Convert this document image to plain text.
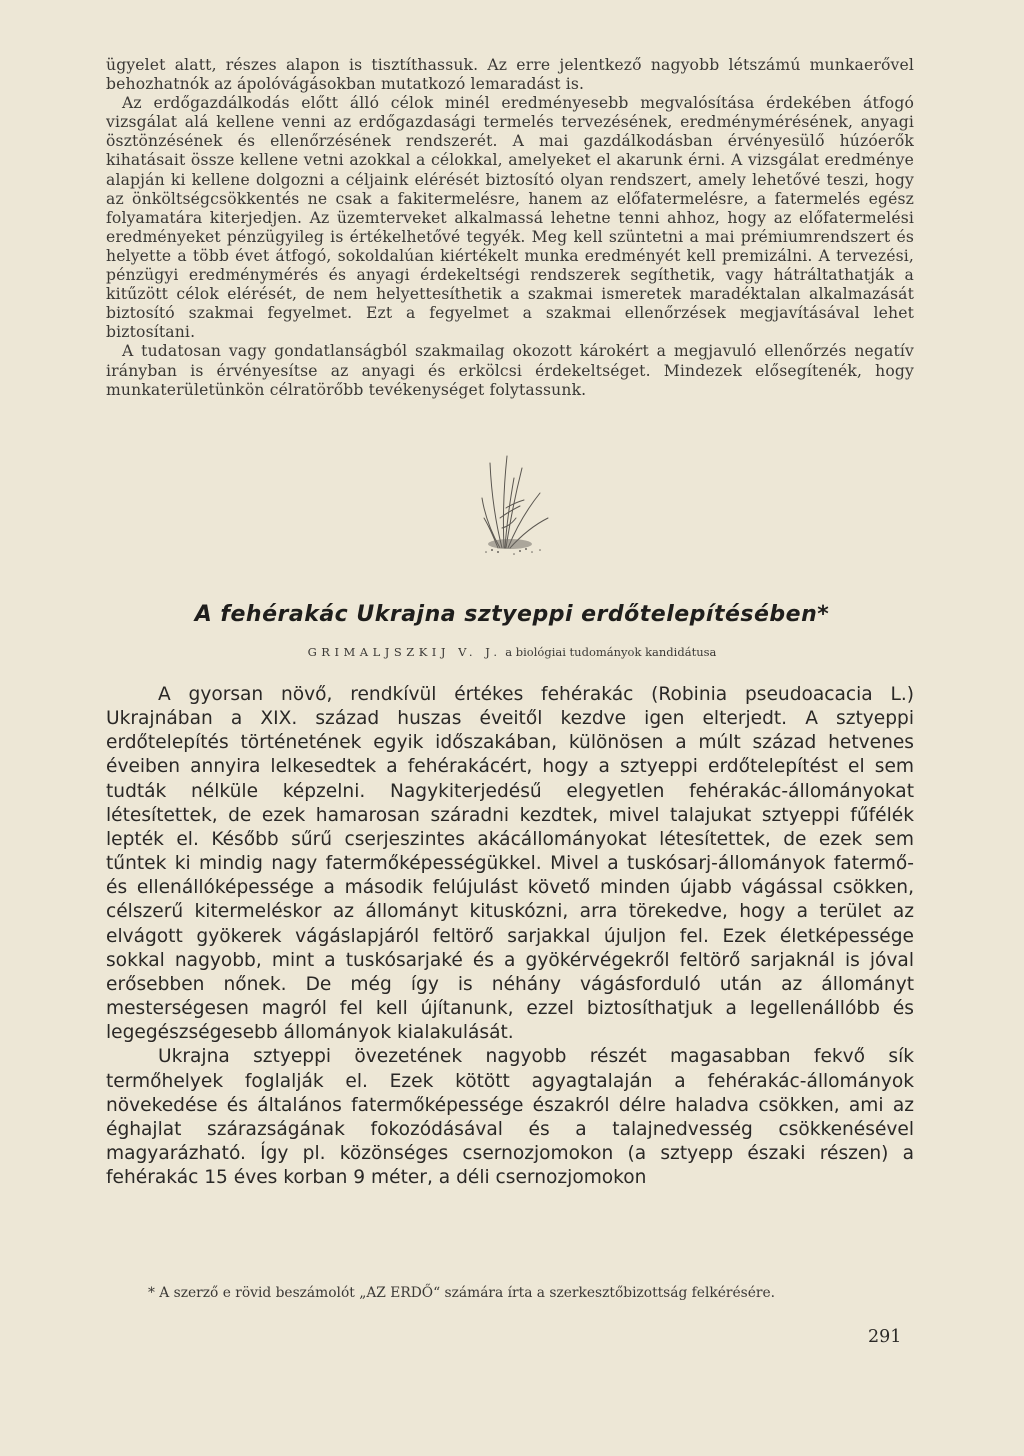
ügyelet alatt, részes alapon is tisztíthassuk. Az erre jelentkező nagyobb létszámú munkaerővel behozhatnók az ápolóvágásokban mutatkozó lemaradást is.

Az erdőgazdálkodás előtt álló célok minél eredményesebb megvalósítása érdekében átfogó vizsgálat alá kellene venni az erdőgazdasági termelés tervezésének, eredménymérésének, anyagi ösztönzésének és ellenőrzésének rendszerét. A mai gazdálkodásban érvényesülő húzóerők kihatásait össze kellene vetni azokkal a célokkal, amelyeket el akarunk érni. A vizsgálat eredménye alapján ki kellene dolgozni a céljaink elérését biztosító olyan rendszert, amely lehetővé teszi, hogy az önköltségcsökkentés ne csak a fakitermelésre, hanem az előfatermelésre, a fatermelés egész folyamatára kiterjedjen. Az üzemterveket alkalmassá lehetne tenni ahhoz, hogy az előfatermelési eredményeket pénzügyileg is értékelhetővé tegyék. Meg kell szüntetni a mai prémiumrendszert és helyette a több évet átfogó, sokoldalúan kiértékelt munka eredményét kell premizálni. A tervezési, pénzügyi eredménymérés és anyagi érdekeltségi rendszerek segíthetik, vagy hátráltathatják a kitűzött célok elérését, de nem helyettesíthetik a szakmai ismeretek maradéktalan alkalmazását biztosító szakmai fegyelmet. Ezt a fegyelmet a szakmai ellenőrzések megjavításával lehet biztosítani.

A tudatosan vagy gondatlanságból szakmailag okozott károkért a megjavuló ellenőrzés negatív irányban is érvényesítse az anyagi és erkölcsi érdekeltséget. Mindezek elősegítenék, hogy munkaterületünkön célratörőbb tevékenységet folytassunk.

A fehérakác Ukrajna sztyeppi erdőtelepítésében*
GRIMALJSZKIJ V. J. a biológiai tudományok kandidátusa

A gyorsan növő, rendkívül értékes fehérakác (Robinia pseudoacacia L.) Ukrajnában a XIX. század huszas éveitől kezdve igen elterjedt. A sztyeppi erdőtelepítés történetének egyik időszakában, különösen a múlt század hetvenes éveiben annyira lelkesedtek a fehérakácért, hogy a sztyeppi erdőtelepítést el sem tudták nélküle képzelni. Nagykiterjedésű elegyetlen fehérakác-állományokat létesítettek, de ezek hamarosan száradni kezdtek, mivel talajukat sztyeppi fűfélék lepték el. Később sűrű cserjeszintes akácállományokat létesítettek, de ezek sem tűntek ki mindig nagy fatermőképességükkel. Mivel a tuskósarj-állományok fatermő- és ellenállóképessége a második felújulást követő minden újabb vágással csökken, célszerű kitermeléskor az állományt kituskózni, arra törekedve, hogy a terület az elvágott gyökerek vágáslapjáról feltörő sarjakkal újuljon fel. Ezek életképessége sokkal nagyobb, mint a tuskósarjaké és a gyökérvégekről feltörő sarjaknál is jóval erősebben nőnek. De még így is néhány vágásforduló után az állományt mesterségesen magról fel kell újítanunk, ezzel biztosíthatjuk a legellenállóbb és legegészségesebb állományok kialakulását.

Ukrajna sztyeppi övezetének nagyobb részét magasabban fekvő sík termőhelyek foglalják el. Ezek kötött agyagtalaján a fehérakác-állományok növekedése és általános fatermőképessége északról délre haladva csökken, ami az éghajlat szárazságának fokozódásával és a talajnedvesség csökkenésével magyarázható. Így pl. közönséges csernozjomokon (a sztyepp északi részen) a fehérakác 15 éves korban 9 méter, a déli csernozjomokon

* A szerző e rövid beszámolót „AZ ERDŐ“ számára írta a szerkesztőbizottság felkérésére.
291
